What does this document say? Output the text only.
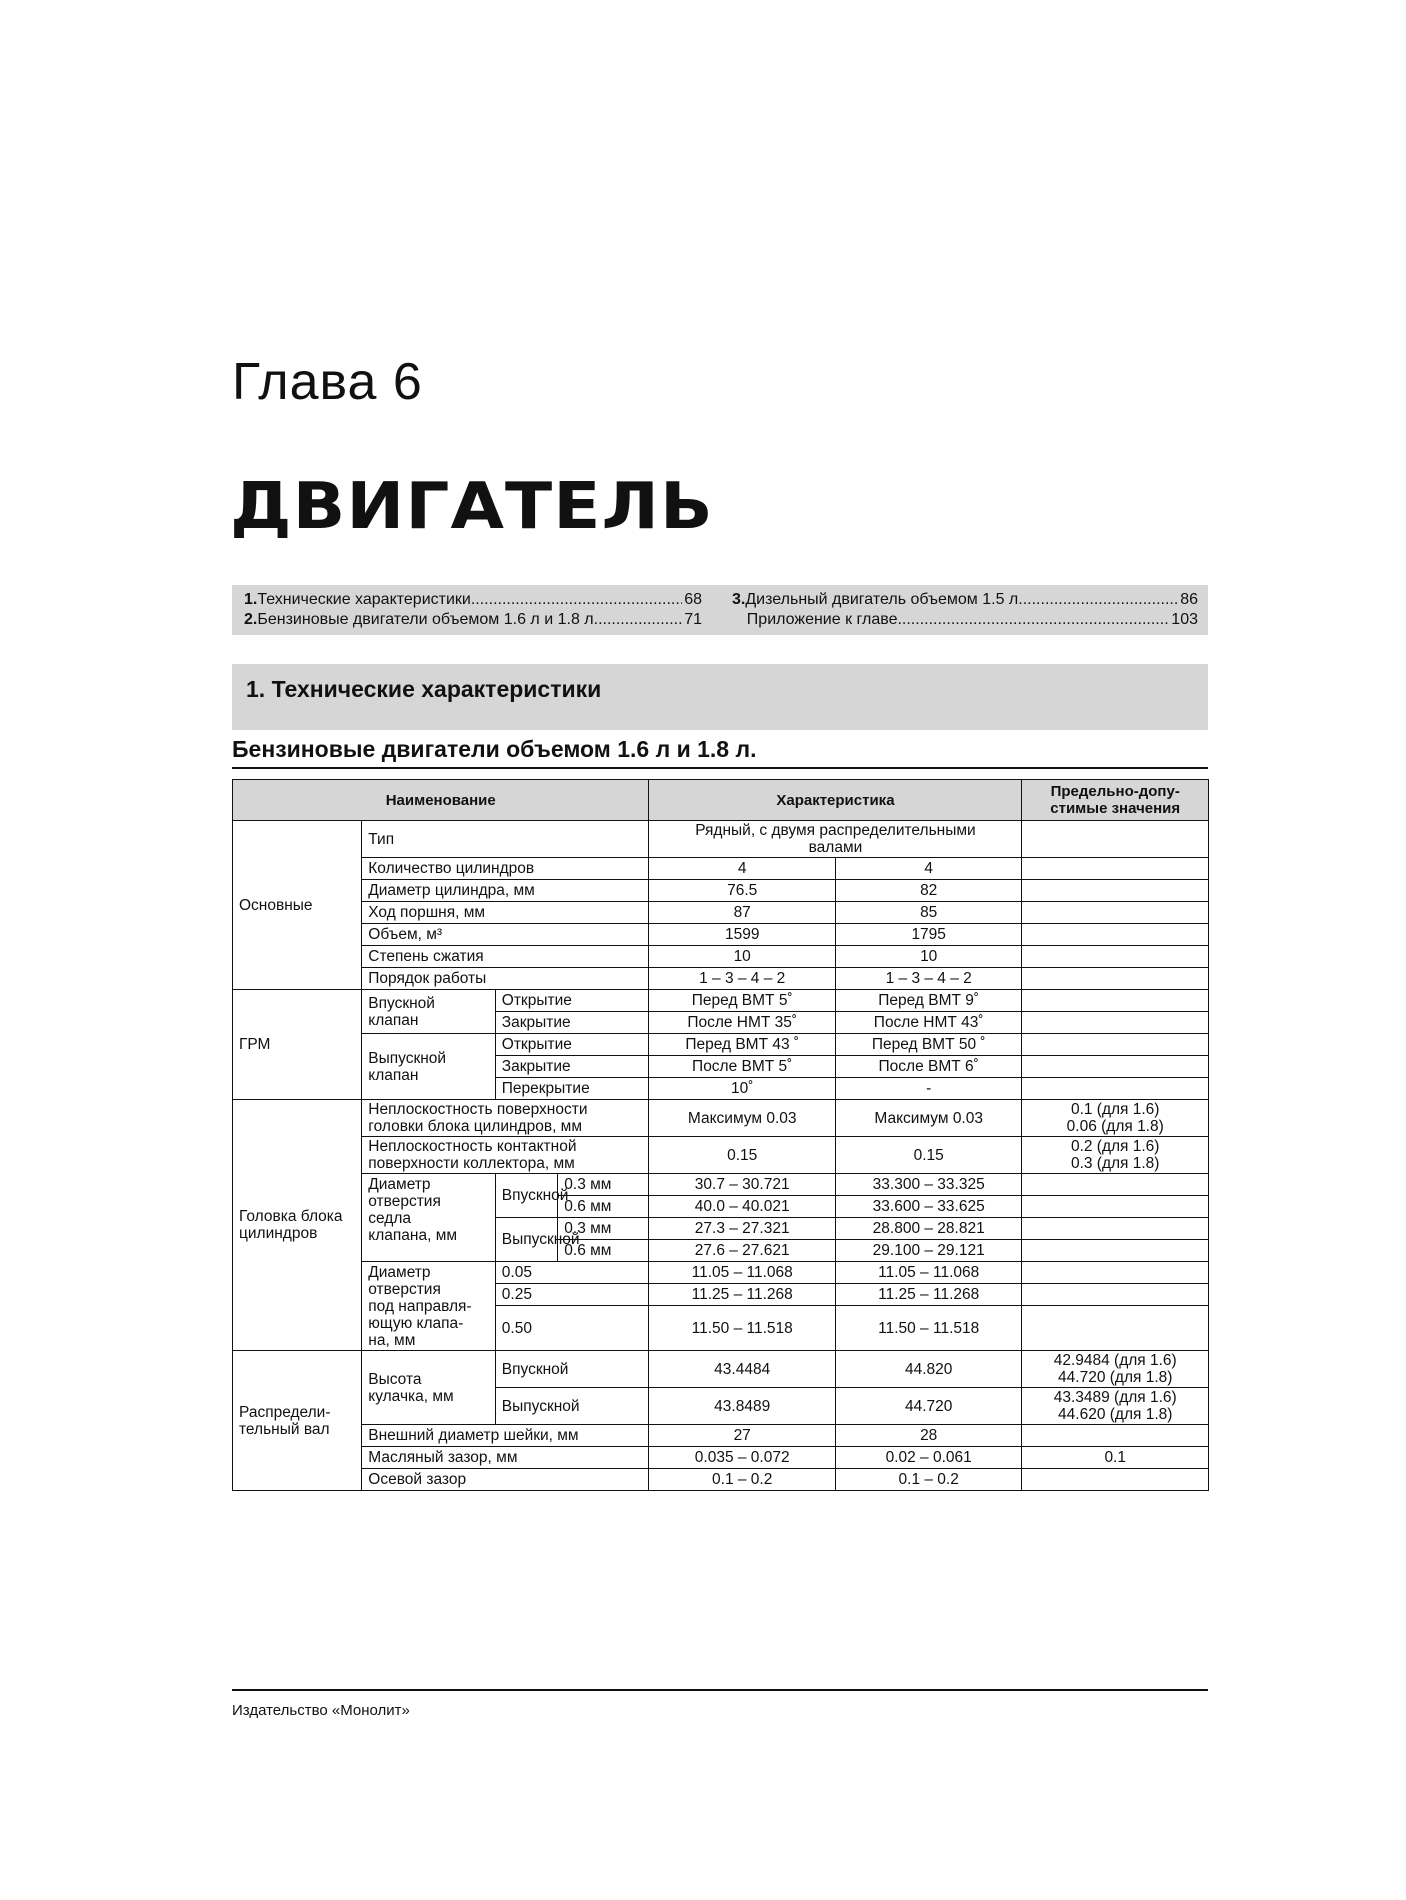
Глава 6
ДВИГАТЕЛЬ
1. Технические характеристики .....	68
2. Бензиновые двигатели объемом 1.6 л и 1.8 л .....	71
3. Дизельный двигатель объемом 1.5 л .....	86
Приложение к главе .....	103
1. Технические характеристики
Бензиновые двигатели объемом 1.6 л и 1.8 л.
Наименование				Характеристика		Предельно-допу-
стимые значения
Основные	Тип			Рядный, с двумя распределительными
валами		
	Количество цилиндров			4	4	
	Диаметр цилиндра, мм			76.5	82	
	Ход поршня, мм			87	85	
	Объем, м³			1599	1795	
	Степень сжатия			10	10	
	Порядок работы			1 – 3 – 4 – 2	1 – 3 – 4 – 2	
ГРМ	Впускной клапан	Открытие		Перед ВМТ 5˚	Перед ВМТ 9˚	
		Закрытие		После НМТ 35˚	После НМТ 43˚	
	Выпускной клапан	Открытие		Перед ВМТ 43 ˚	Перед ВМТ 50 ˚	
		Закрытие		После ВМТ 5˚	После ВМТ 6˚	
		Перекрытие		10˚	-	
Головка блока
цилиндров	Неплоскостность поверхности
головки блока цилиндров, мм			Максимум 0.03	Максимум 0.03	0.1 (для 1.6)
0.06 (для 1.8)
	Неплоскостность контактной
поверхности коллектора, мм			0.15	0.15	0.2 (для 1.6)
0.3 (для 1.8)
	Диаметр
отверстия
седла
клапана, мм	Впускной	0.3 мм	30.7 – 30.721	33.300 – 33.325	
			0.6 мм	40.0 – 40.021	33.600 – 33.625	
		Выпускной	0.3 мм	27.3 – 27.321	28.800 – 28.821	
			0.6 мм	27.6 – 27.621	29.100 – 29.121	
	Диаметр
отверстия
под направля-
ющую клапа-
на, мм	0.05		11.05 – 11.068	11.05 – 11.068	
		0.25		11.25 – 11.268	11.25 – 11.268	
		0.50		11.50 – 11.518	11.50 – 11.518	
Распредели-
тельный вал	Высота
кулачка, мм	Впускной		43.4484	44.820	42.9484 (для 1.6)
44.720 (для 1.8)
		Выпускной		43.8489	44.720	43.3489 (для 1.6)
44.620 (для 1.8)
	Внешний диаметр шейки, мм			27	28	
	Масляный зазор, мм			0.035 – 0.072	0.02 – 0.061	0.1
	Осевой зазор			0.1 – 0.2	0.1 – 0.2	
Издательство «Монолит»
